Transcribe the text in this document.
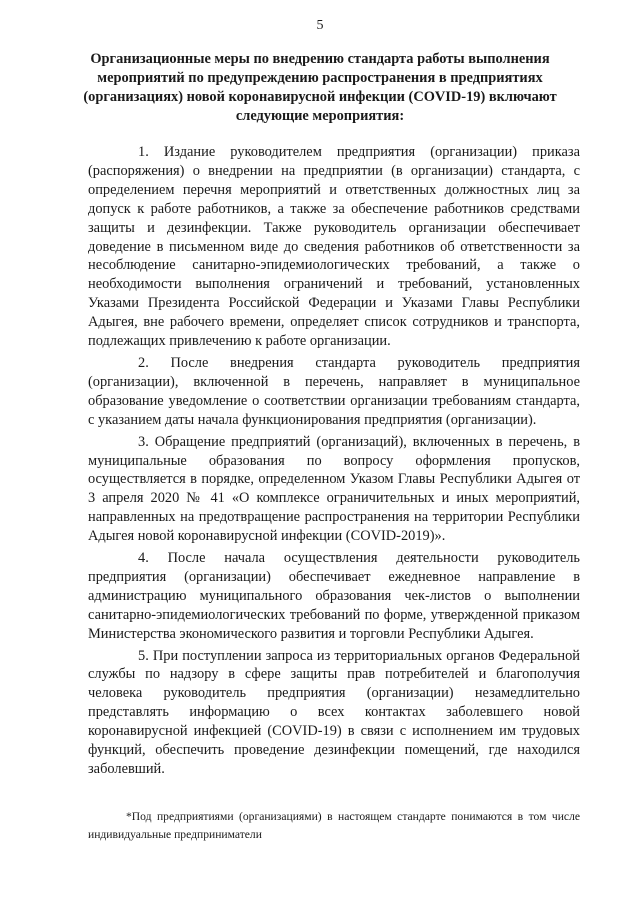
5
Организационные меры по внедрению стандарта работы выполнения мероприятий по предупреждению распространения в предприятиях (организациях) новой коронавирусной инфекции (COVID-19) включают следующие мероприятия:

1. Издание руководителем предприятия (организации) приказа (распоряжения) о внедрении на предприятии (в организации) стандарта, с определением перечня мероприятий и ответственных должностных лиц за допуск к работе работников, а также за обеспечение работников средствами защиты и дезинфекции. Также руководитель организации обеспечивает доведение в письменном виде до сведения работников об ответственности за несоблюдение санитарно-эпидемиологических требований, а также о необходимости выполнения ограничений и требований, установленных Указами Президента Российской Федерации и Указами Главы Республики Адыгея, вне рабочего времени, определяет список сотрудников и транспорта, подлежащих привлечению к работе организации.

2. После внедрения стандарта руководитель предприятия (организации), включенной в перечень, направляет в муниципальное образование уведомление о соответствии организации требованиям стандарта, с указанием даты начала функционирования предприятия (организации).

3. Обращение предприятий (организаций), включенных в перечень, в муниципальные образования по вопросу оформления пропусков, осуществляется в порядке, определенном Указом Главы Республики Адыгея от 3 апреля 2020 № 41 «О комплексе ограничительных и иных мероприятий, направленных на предотвращение распространения на территории Республики Адыгея новой коронавирусной инфекции (COVID-2019)».

4. После начала осуществления деятельности руководитель предприятия (организации) обеспечивает ежедневное направление в администрацию муниципального образования чек-листов о выполнении санитарно-эпидемиологических требований по форме, утвержденной приказом Министерства экономического развития и торговли Республики Адыгея.

5. При поступлении запроса из территориальных органов Федеральной службы по надзору в сфере защиты прав потребителей и благополучия человека руководитель предприятия (организации) незамедлительно представлять информацию о всех контактах заболевшего новой коронавирусной инфекцией (COVID-19) в связи с исполнением им трудовых функций, обеспечить проведение дезинфекции помещений, где находился заболевший.

*Под предприятиями (организациями) в настоящем стандарте понимаются в том числе индивидуальные предприниматели
